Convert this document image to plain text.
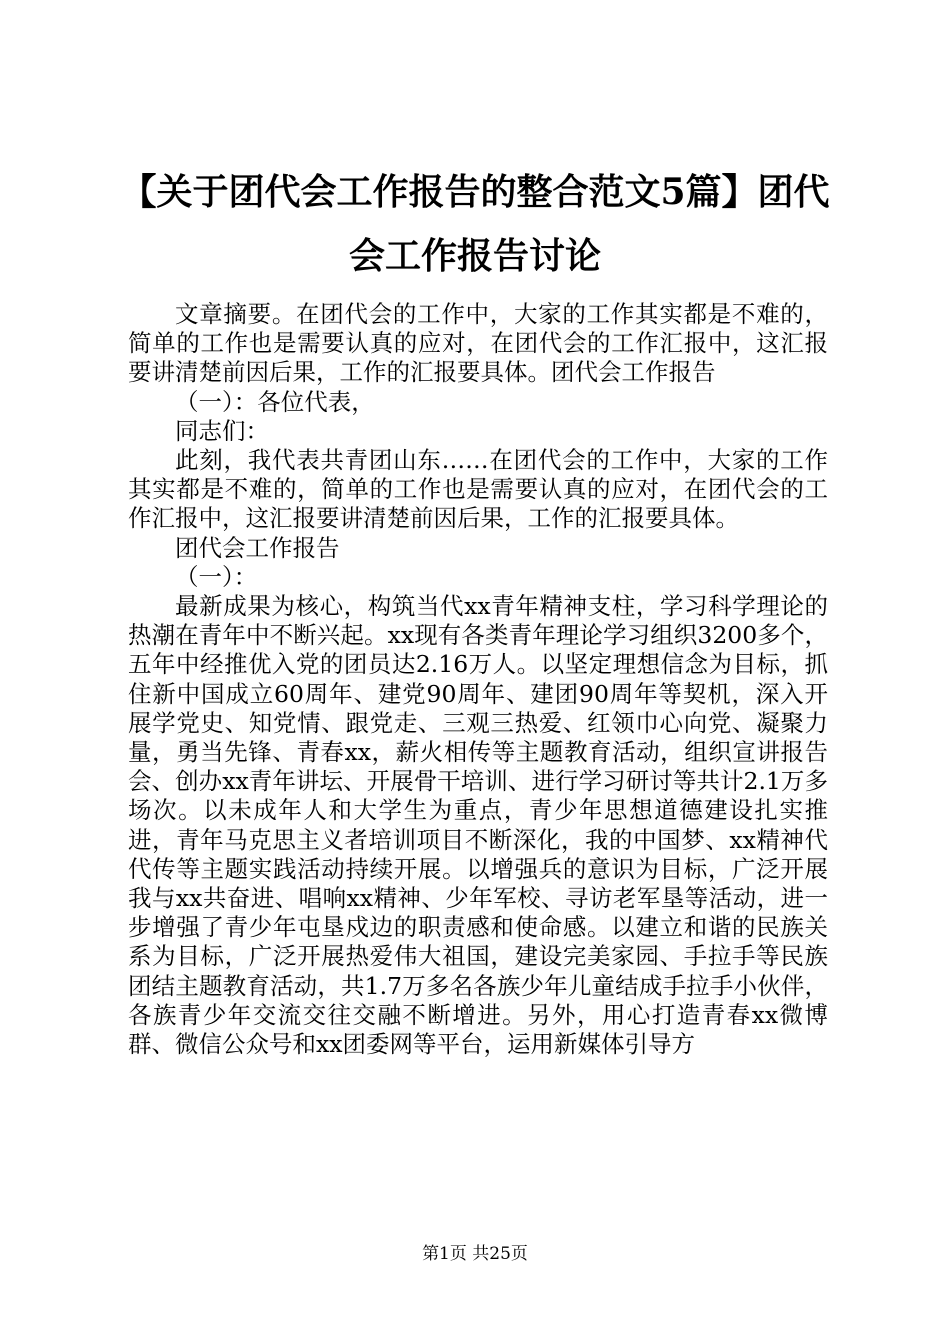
【关于团代会工作报告的整合范文5篇】团代会工作报告讨论

文章摘要。在团代会的工作中，大家的工作其实都是不难的，简单的工作也是需要认真的应对，在团代会的工作汇报中，这汇报要讲清楚前因后果，工作的汇报要具体。团代会工作报告

（一）：各位代表，

同志们：

此刻，我代表共青团山东……在团代会的工作中，大家的工作其实都是不难的，简单的工作也是需要认真的应对，在团代会的工作汇报中，这汇报要讲清楚前因后果，工作的汇报要具体。

团代会工作报告

（一）：

最新成果为核心，构筑当代xx青年精神支柱，学习科学理论的热潮在青年中不断兴起。xx现有各类青年理论学习组织3200多个，五年中经推优入党的团员达2.16万人。以坚定理想信念为目标，抓住新中国成立60周年、建党90周年、建团90周年等契机，深入开展学党史、知党情、跟党走、三观三热爱、红领巾心向党、凝聚力量，勇当先锋、青春xx，薪火相传等主题教育活动，组织宣讲报告会、创办xx青年讲坛、开展骨干培训、进行学习研讨等共计2.1万多场次。以未成年人和大学生为重点，青少年思想道德建设扎实推进，青年马克思主义者培训项目不断深化，我的中国梦、xx精神代代传等主题实践活动持续开展。以增强兵的意识为目标，广泛开展我与xx共奋进、唱响xx精神、少年军校、寻访老军垦等活动，进一步增强了青少年屯垦戍边的职责感和使命感。以建立和谐的民族关系为目标，广泛开展热爱伟大祖国，建设完美家园、手拉手等民族团结主题教育活动，共1.7万多名各族少年儿童结成手拉手小伙伴，各族青少年交流交往交融不断增进。另外，用心打造青春xx微博群、微信公众号和xx团委网等平台，运用新媒体引导方

第1页 共25页
